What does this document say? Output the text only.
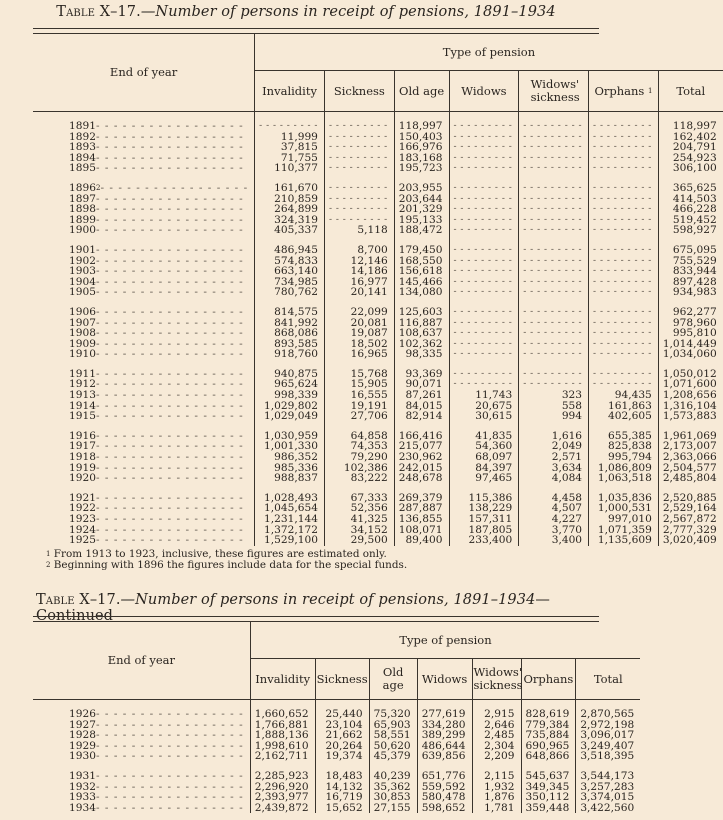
Table X–17.—Number of persons in receipt of pensions, 1891–1934
End of year	Type of pension						
	Invalidity	Sickness	Old age	Widows	Widows' sickness	Orphans $^1$	Total
1891- - - - - - - - - - - - - - - - -	- - - - - - - - -	- - - - - - - - -	118,997	- - - - - - - - -	- - - - - - - - -	- - - - - - - - -	118,997
1892- - - - - - - - - - - - - - - - -	11,999	- - - - - - - - -	150,403	- - - - - - - - -	- - - - - - - - -	- - - - - - - - -	162,402
1893- - - - - - - - - - - - - - - - -	37,815	- - - - - - - - -	166,976	- - - - - - - - -	- - - - - - - - -	- - - - - - - - -	204,791
1894- - - - - - - - - - - - - - - - -	71,755	- - - - - - - - -	183,168	- - - - - - - - -	- - - - - - - - -	- - - - - - - - -	254,923
1895- - - - - - - - - - - - - - - - -	110,377	- - - - - - - - -	195,723	- - - - - - - - -	- - - - - - - - -	- - - - - - - - -	306,100

1896$^2$- - - - - - - - - - - - - - - - -	161,670	- - - - - - - - -	203,955	- - - - - - - - -	- - - - - - - - -	- - - - - - - - -	365,625
1897- - - - - - - - - - - - - - - - -	210,859	- - - - - - - - -	203,644	- - - - - - - - -	- - - - - - - - -	- - - - - - - - -	414,503
1898- - - - - - - - - - - - - - - - -	264,899	- - - - - - - - -	201,329	- - - - - - - - -	- - - - - - - - -	- - - - - - - - -	466,228
1899- - - - - - - - - - - - - - - - -	324,319	- - - - - - - - -	195,133	- - - - - - - - -	- - - - - - - - -	- - - - - - - - -	519,452
1900- - - - - - - - - - - - - - - - -	405,337	5,118	188,472	- - - - - - - - -	- - - - - - - - -	- - - - - - - - -	598,927

1901- - - - - - - - - - - - - - - - -	486,945	8,700	179,450	- - - - - - - - -	- - - - - - - - -	- - - - - - - - -	675,095
1902- - - - - - - - - - - - - - - - -	574,833	12,146	168,550	- - - - - - - - -	- - - - - - - - -	- - - - - - - - -	755,529
1903- - - - - - - - - - - - - - - - -	663,140	14,186	156,618	- - - - - - - - -	- - - - - - - - -	- - - - - - - - -	833,944
1904- - - - - - - - - - - - - - - - -	734,985	16,977	145,466	- - - - - - - - -	- - - - - - - - -	- - - - - - - - -	897,428
1905- - - - - - - - - - - - - - - - -	780,762	20,141	134,080	- - - - - - - - -	- - - - - - - - -	- - - - - - - - -	934,983

1906- - - - - - - - - - - - - - - - -	814,575	22,099	125,603	- - - - - - - - -	- - - - - - - - -	- - - - - - - - -	962,277
1907- - - - - - - - - - - - - - - - -	841,992	20,081	116,887	- - - - - - - - -	- - - - - - - - -	- - - - - - - - -	978,960
1908- - - - - - - - - - - - - - - - -	868,086	19,087	108,637	- - - - - - - - -	- - - - - - - - -	- - - - - - - - -	995,810
1909- - - - - - - - - - - - - - - - -	893,585	18,502	102,362	- - - - - - - - -	- - - - - - - - -	- - - - - - - - -	1,014,449
1910- - - - - - - - - - - - - - - - -	918,760	16,965	98,335	- - - - - - - - -	- - - - - - - - -	- - - - - - - - -	1,034,060

1911- - - - - - - - - - - - - - - - -	940,875	15,768	93,369	- - - - - - - - -	- - - - - - - - -	- - - - - - - - -	1,050,012
1912- - - - - - - - - - - - - - - - -	965,624	15,905	90,071	- - - - - - - - -	- - - - - - - - -	- - - - - - - - -	1,071,600
1913- - - - - - - - - - - - - - - - -	998,339	16,555	87,261	11,743	323	94,435	1,208,656
1914- - - - - - - - - - - - - - - - -	1,029,802	19,191	84,015	20,675	558	161,863	1,316,104
1915- - - - - - - - - - - - - - - - -	1,029,049	27,706	82,914	30,615	994	402,605	1,573,883

1916- - - - - - - - - - - - - - - - -	1,030,959	64,858	166,416	41,835	1,616	655,385	1,961,069
1917- - - - - - - - - - - - - - - - -	1,001,330	74,353	215,077	54,360	2,049	825,838	2,173,007
1918- - - - - - - - - - - - - - - - -	986,352	79,290	230,962	68,097	2,571	995,794	2,363,066
1919- - - - - - - - - - - - - - - - -	985,336	102,386	242,015	84,397	3,634	1,086,809	2,504,577
1920- - - - - - - - - - - - - - - - -	988,837	83,222	248,678	97,465	4,084	1,063,518	2,485,804

1921- - - - - - - - - - - - - - - - -	1,028,493	67,333	269,379	115,386	4,458	1,035,836	2,520,885
1922- - - - - - - - - - - - - - - - -	1,045,654	52,356	287,887	138,229	4,507	1,000,531	2,529,164
1923- - - - - - - - - - - - - - - - -	1,231,144	41,325	136,855	157,311	4,227	997,010	2,567,872
1924- - - - - - - - - - - - - - - - -	1,372,172	34,152	108,071	187,805	3,770	1,071,359	2,777,329
1925- - - - - - - - - - - - - - - - -	1,529,100	29,500	89,400	233,400	3,400	1,135,609	3,020,409
$^1$ From 1913 to 1923, inclusive, these figures are estimated only.
$^2$ Beginning with 1896 the figures include data for the special funds.
Table X–17.—Number of persons in receipt of pensions, 1891–1934—Continued
End of year	Type of pension						
	Invalidity	Sickness	Old age	Widows	Widows' sickness	Orphans	Total
1926- - - - - - - - - - - - - - - - -	1,660,652	25,440	75,320	277,619	2,915	828,619	2,870,565
1927- - - - - - - - - - - - - - - - -	1,766,881	23,104	65,903	334,280	2,646	779,384	2,972,198
1928- - - - - - - - - - - - - - - - -	1,888,136	21,662	58,551	389,299	2,485	735,884	3,096,017
1929- - - - - - - - - - - - - - - - -	1,998,610	20,264	50,620	486,644	2,304	690,965	3,249,407
1930- - - - - - - - - - - - - - - - -	2,162,711	19,374	45,379	639,856	2,209	648,866	3,518,395

1931- - - - - - - - - - - - - - - - -	2,285,923	18,483	40,239	651,776	2,115	545,637	3,544,173
1932- - - - - - - - - - - - - - - - -	2,296,920	14,132	35,362	559,592	1,932	349,345	3,257,283
1933- - - - - - - - - - - - - - - - -	2,393,977	16,719	30,853	580,478	1,876	350,112	3,374,015
1934- - - - - - - - - - - - - - - - -	2,439,872	15,652	27,155	598,652	1,781	359,448	3,422,560
